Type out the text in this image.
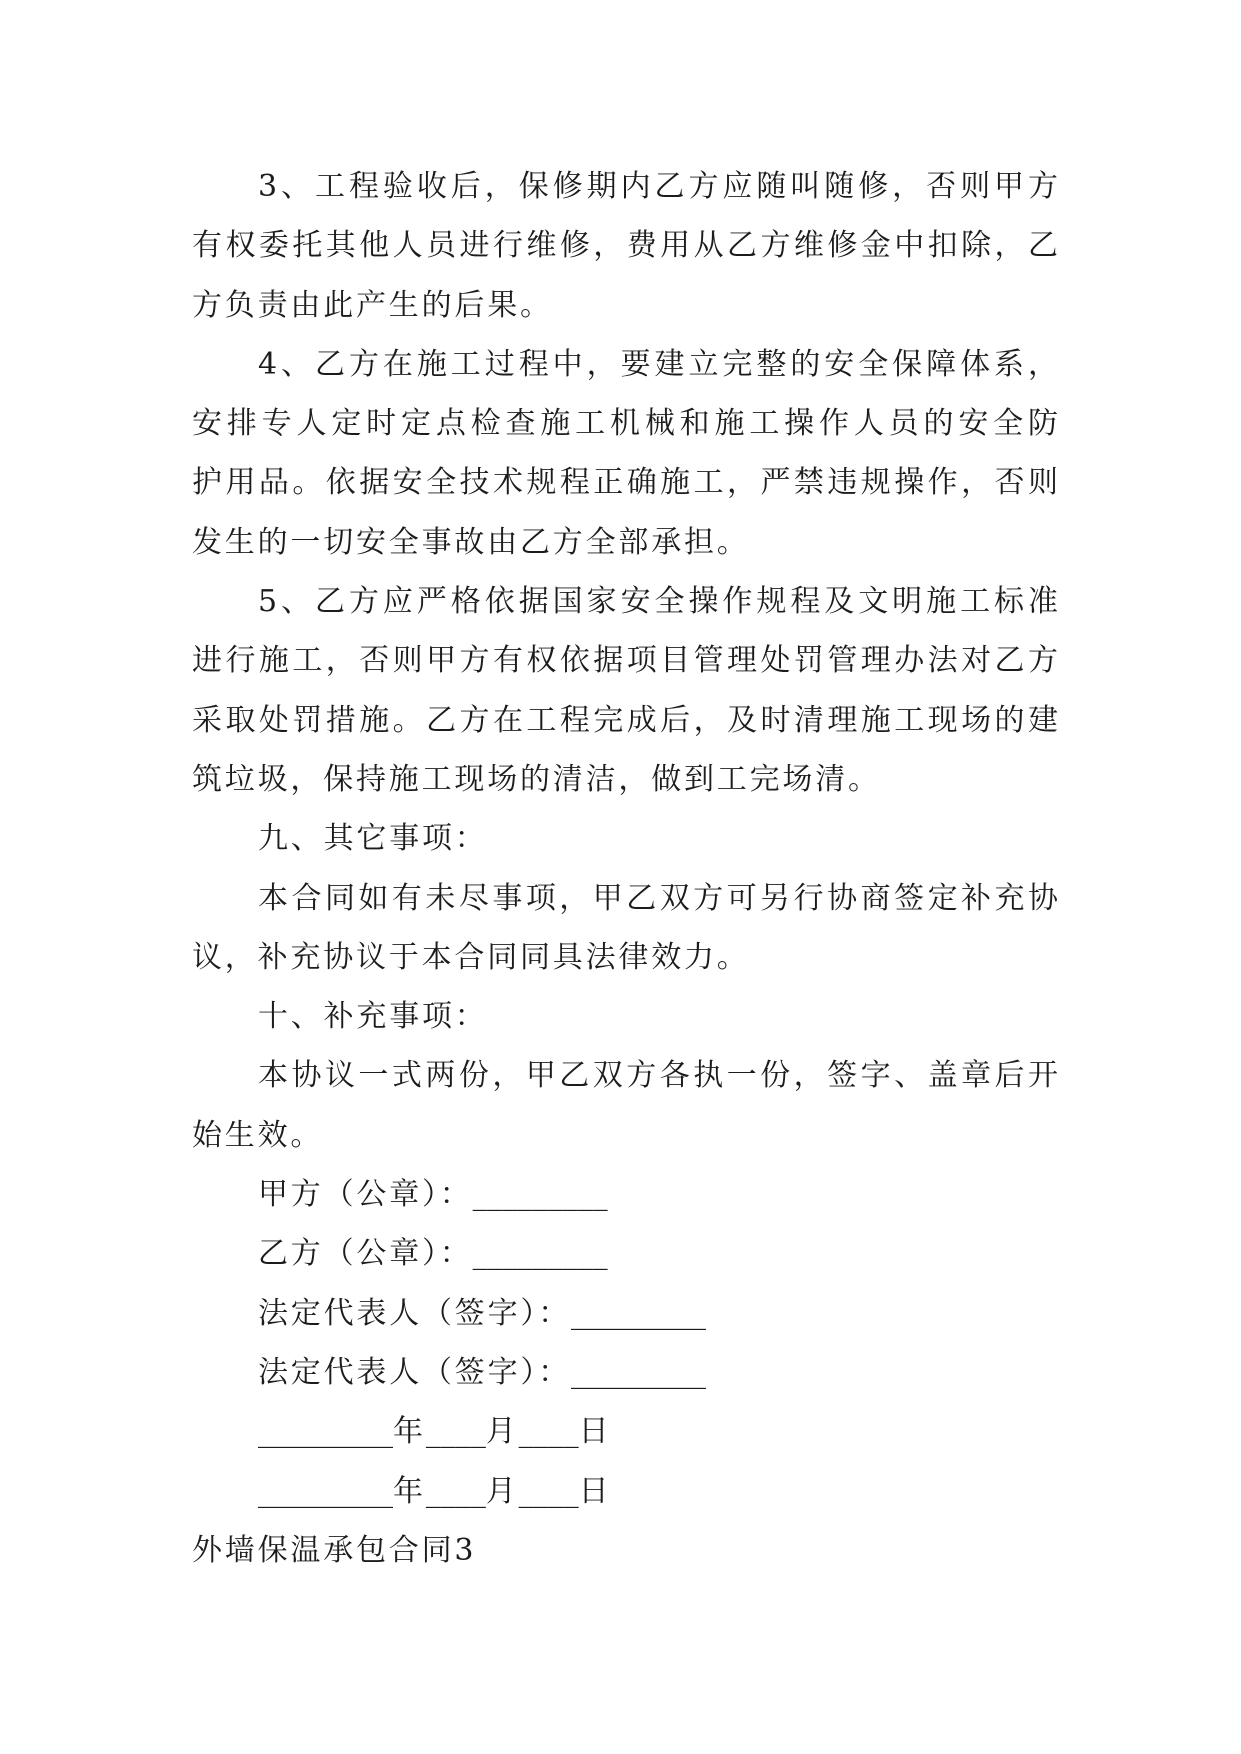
3、工程验收后，保修期内乙方应随叫随修，否则甲方
有权委托其他人员进行维修，费用从乙方维修金中扣除，乙
方负责由此产生的后果。
4、乙方在施工过程中，要建立完整的安全保障体系，
安排专人定时定点检查施工机械和施工操作人员的安全防
护用品。依据安全技术规程正确施工，严禁违规操作，否则
发生的一切安全事故由乙方全部承担。
5、乙方应严格依据国家安全操作规程及文明施工标准
进行施工，否则甲方有权依据项目管理处罚管理办法对乙方
采取处罚措施。乙方在工程完成后，及时清理施工现场的建
筑垃圾，保持施工现场的清洁，做到工完场清。
九、其它事项：
本合同如有未尽事项，甲乙双方可另行协商签定补充协
议，补充协议于本合同同具法律效力。
十、补充事项：
本协议一式两份，甲乙双方各执一份，签字、盖章后开
始生效。
甲方（公章）：_________
乙方（公章）：_________
法定代表人（签字）：_________
法定代表人（签字）：_________
_________年____月____日
_________年____月____日
外墙保温承包合同3
